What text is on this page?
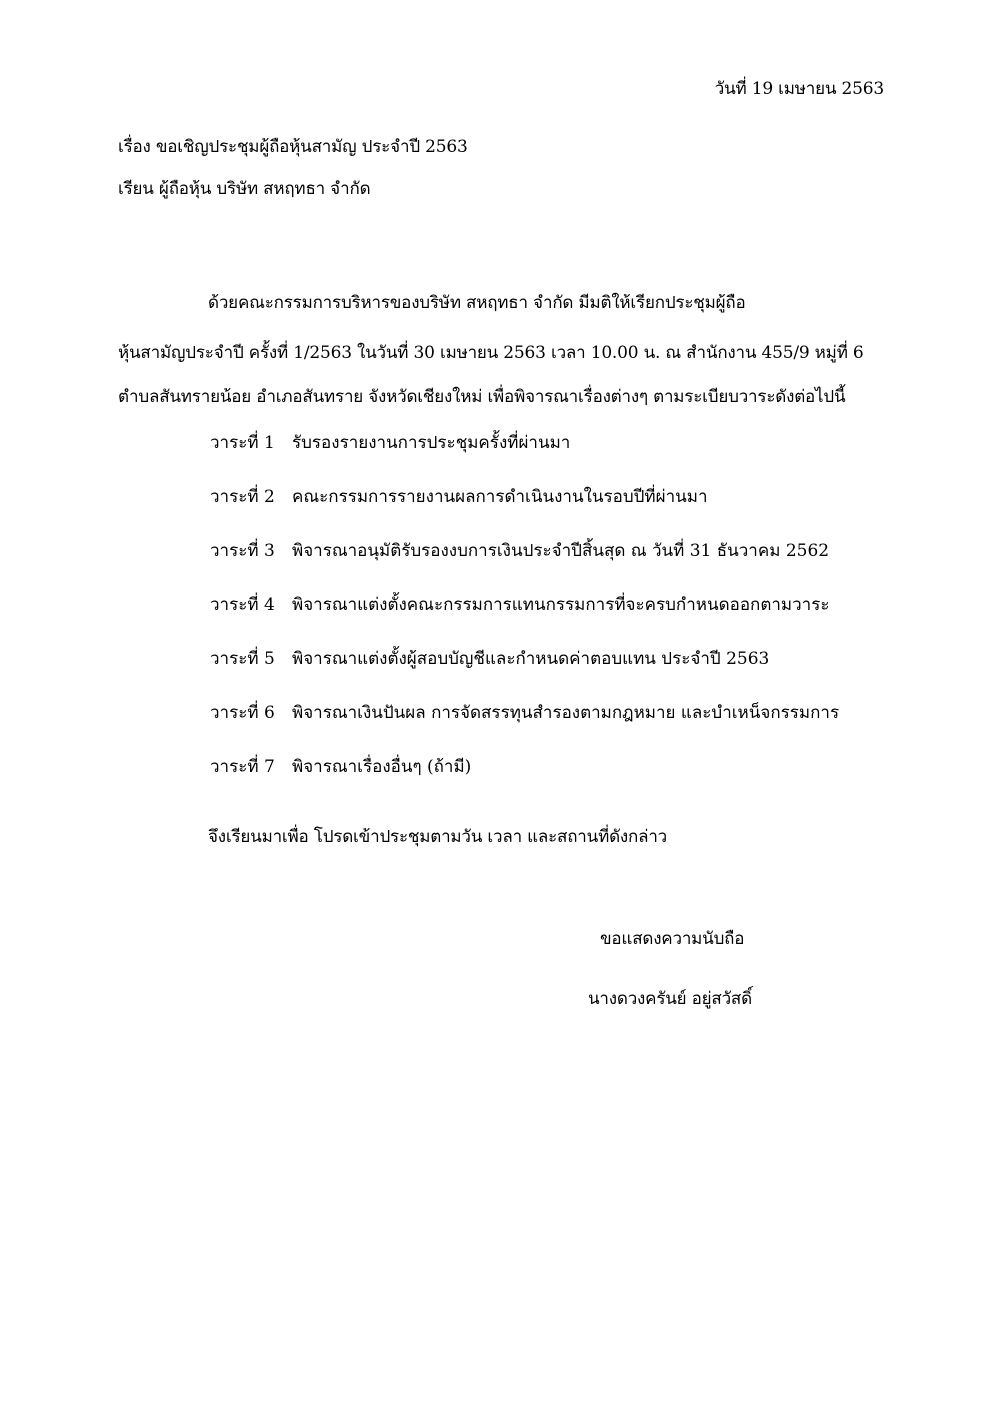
วันที่ 19 เมษายน 2563
เรื่อง ขอเชิญประชุมผู้ถือหุ้นสามัญ ประจำปี 2563
เรียน ผู้ถือหุ้น บริษัท สหฤทธา จำกัด
ด้วยคณะกรรมการบริหารของบริษัท สหฤทธา จำกัด มีมติให้เรียกประชุมผู้ถือ
หุ้นสามัญประจำปี ครั้งที่ 1/2563 ในวันที่ 30 เมษายน 2563 เวลา 10.00 น. ณ สำนักงาน 455/9 หมู่ที่ 6
ตำบลสันทรายน้อย อำเภอสันทราย จังหวัดเชียงใหม่ เพื่อพิจารณาเรื่องต่างๆ ตามระเบียบวาระดังต่อไปนี้
วาระที่ 1 รับรองรายงานการประชุมครั้งที่ผ่านมา
วาระที่ 2 คณะกรรมการรายงานผลการดำเนินงานในรอบปีที่ผ่านมา
วาระที่ 3 พิจารณาอนุมัติรับรองงบการเงินประจำปีสิ้นสุด ณ วันที่ 31 ธันวาคม 2562
วาระที่ 4 พิจารณาแต่งตั้งคณะกรรมการแทนกรรมการที่จะครบกำหนดออกตามวาระ
วาระที่ 5 พิจารณาแต่งตั้งผู้สอบบัญชีและกำหนดค่าตอบแทน ประจำปี 2563
วาระที่ 6 พิจารณาเงินปันผล การจัดสรรทุนสำรองตามกฎหมาย และบำเหน็จกรรมการ
วาระที่ 7 พิจารณาเรื่องอื่นๆ (ถ้ามี)
จึงเรียนมาเพื่อ โปรดเข้าประชุมตามวัน เวลา และสถานที่ดังกล่าว
ขอแสดงความนับถือ
นางดวงครันย์ อยู่สวัสดิ์
